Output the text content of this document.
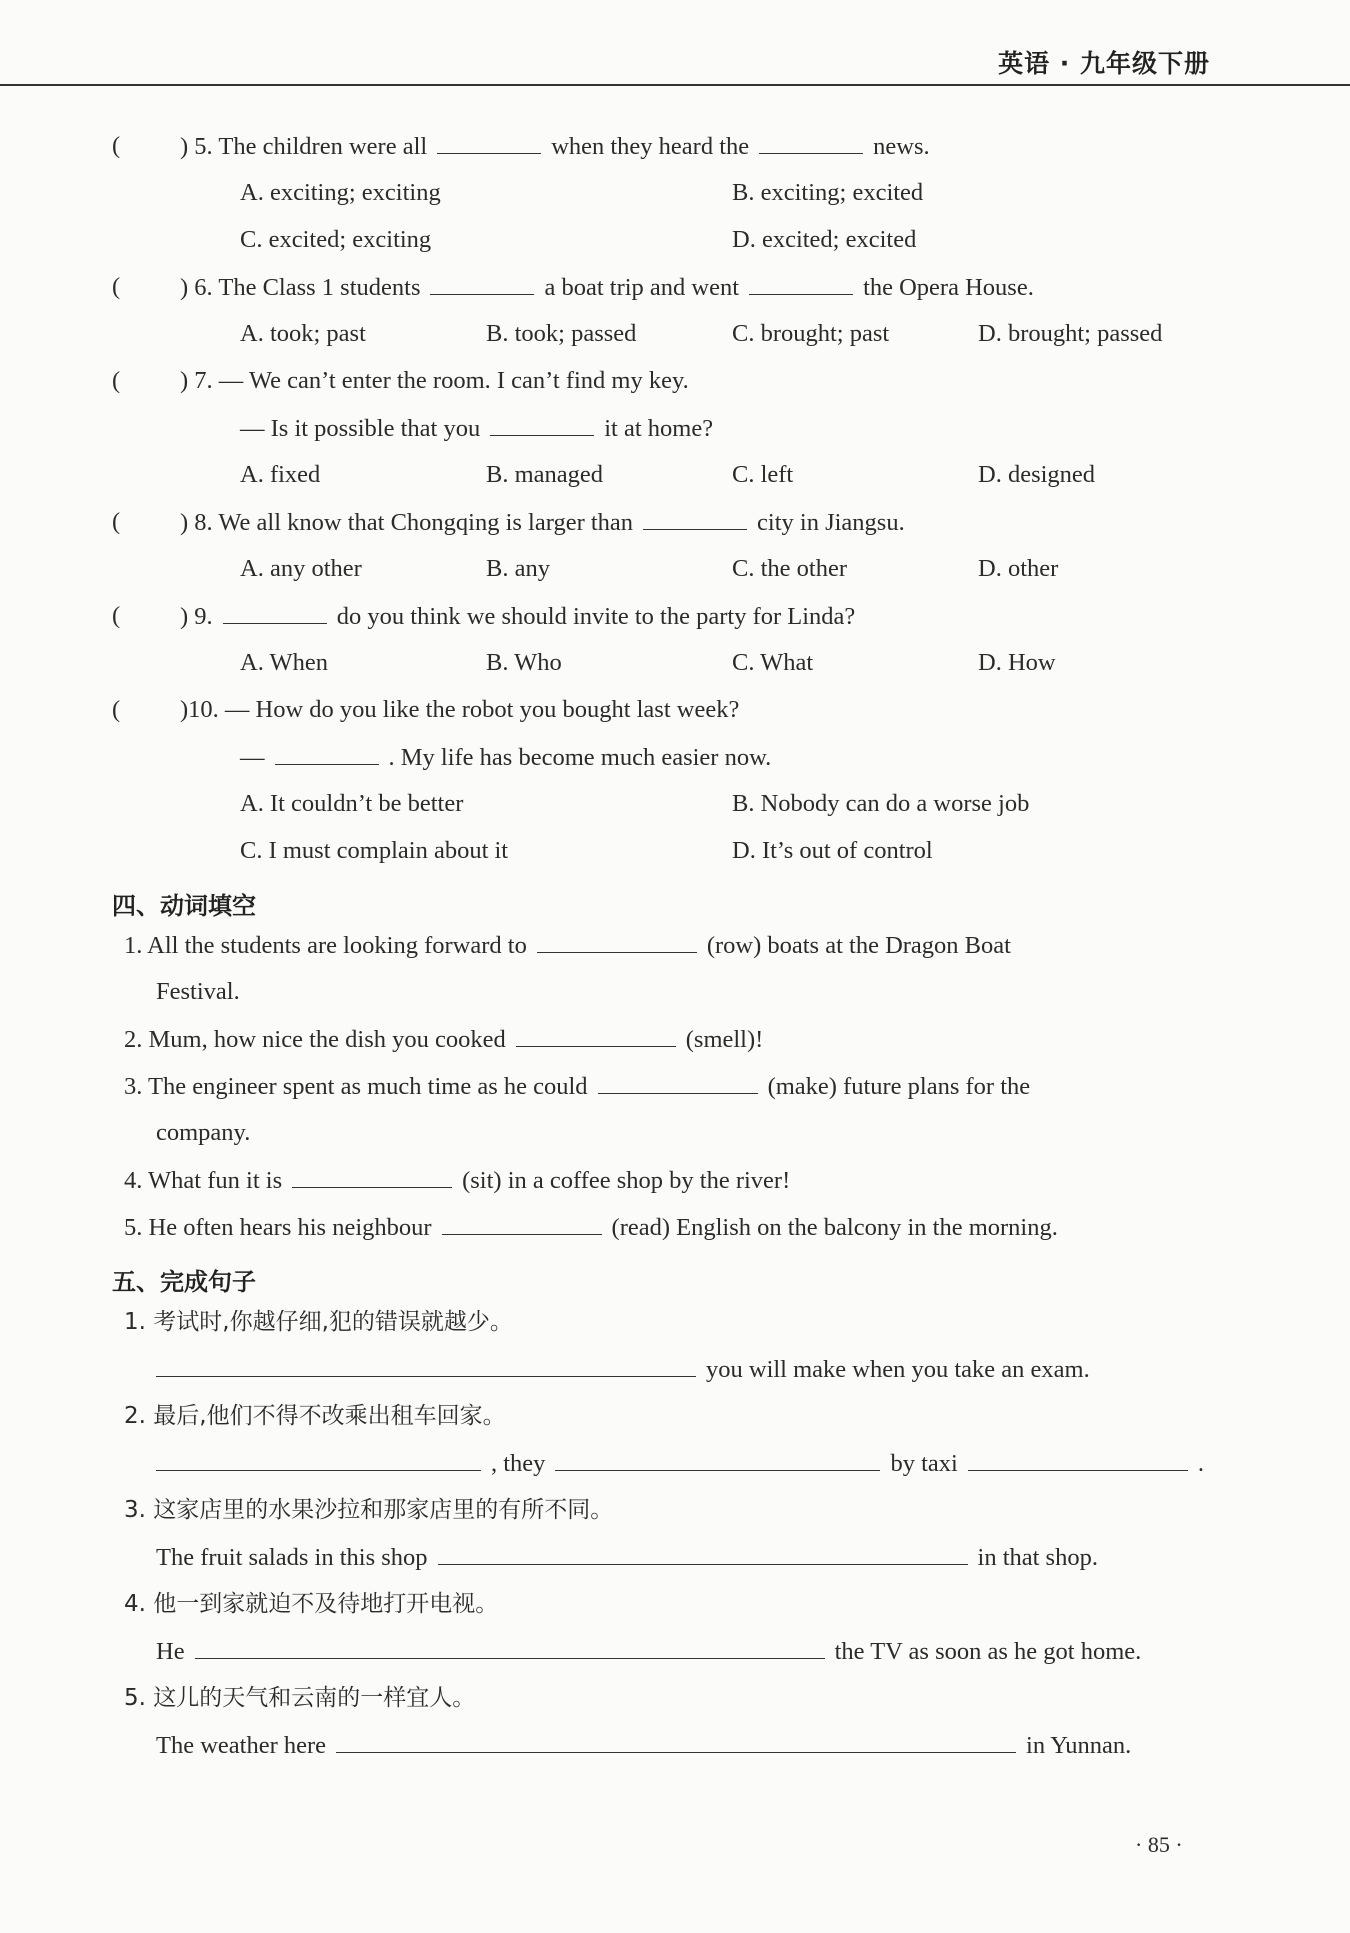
英语 · 九年级下册
( ) 5. The children were all	when they heard the	news.
A. exciting; exciting	B. exciting; excited
C. excited; exciting	D. excited; excited
( ) 6. The Class 1 students	a boat trip and went	the Opera House.
A. took; past	B. took; passed	C. brought; past	D. brought; passed
( ) 7. — We can’t enter the room. I can’t find my key.
— Is it possible that you	it at home?
A. fixed	B. managed	C. left	D. designed
( ) 8. We all know that Chongqing is larger than	city in Jiangsu.
A. any other	B. any	C. the other	D. other
( ) 9.	do you think we should invite to the party for Linda?
A. When	B. Who	C. What	D. How
( )10. — How do you like the robot you bought last week?
—	. My life has become much easier now.
A. It couldn’t be better	B. Nobody can do a worse job
C. I must complain about it	D. It’s out of control
四、动词填空
1. All the students are looking forward to	(row) boats at the Dragon Boat
Festival.
2. Mum, how nice the dish you cooked	(smell)!
3. The engineer spent as much time as he could	(make) future plans for the
company.
4. What fun it is	(sit) in a coffee shop by the river!
5. He often hears his neighbour	(read) English on the balcony in the morning.
五、完成句子
1. 考试时,你越仔细,犯的错误就越少。
you will make when you take an exam.
2. 最后,他们不得不改乘出租车回家。
, they	by taxi	.
3. 这家店里的水果沙拉和那家店里的有所不同。
The fruit salads in this shop	in that shop.
4. 他一到家就迫不及待地打开电视。
He	the TV as soon as he got home.
5. 这儿的天气和云南的一样宜人。
The weather here	in Yunnan.
· 85 ·
